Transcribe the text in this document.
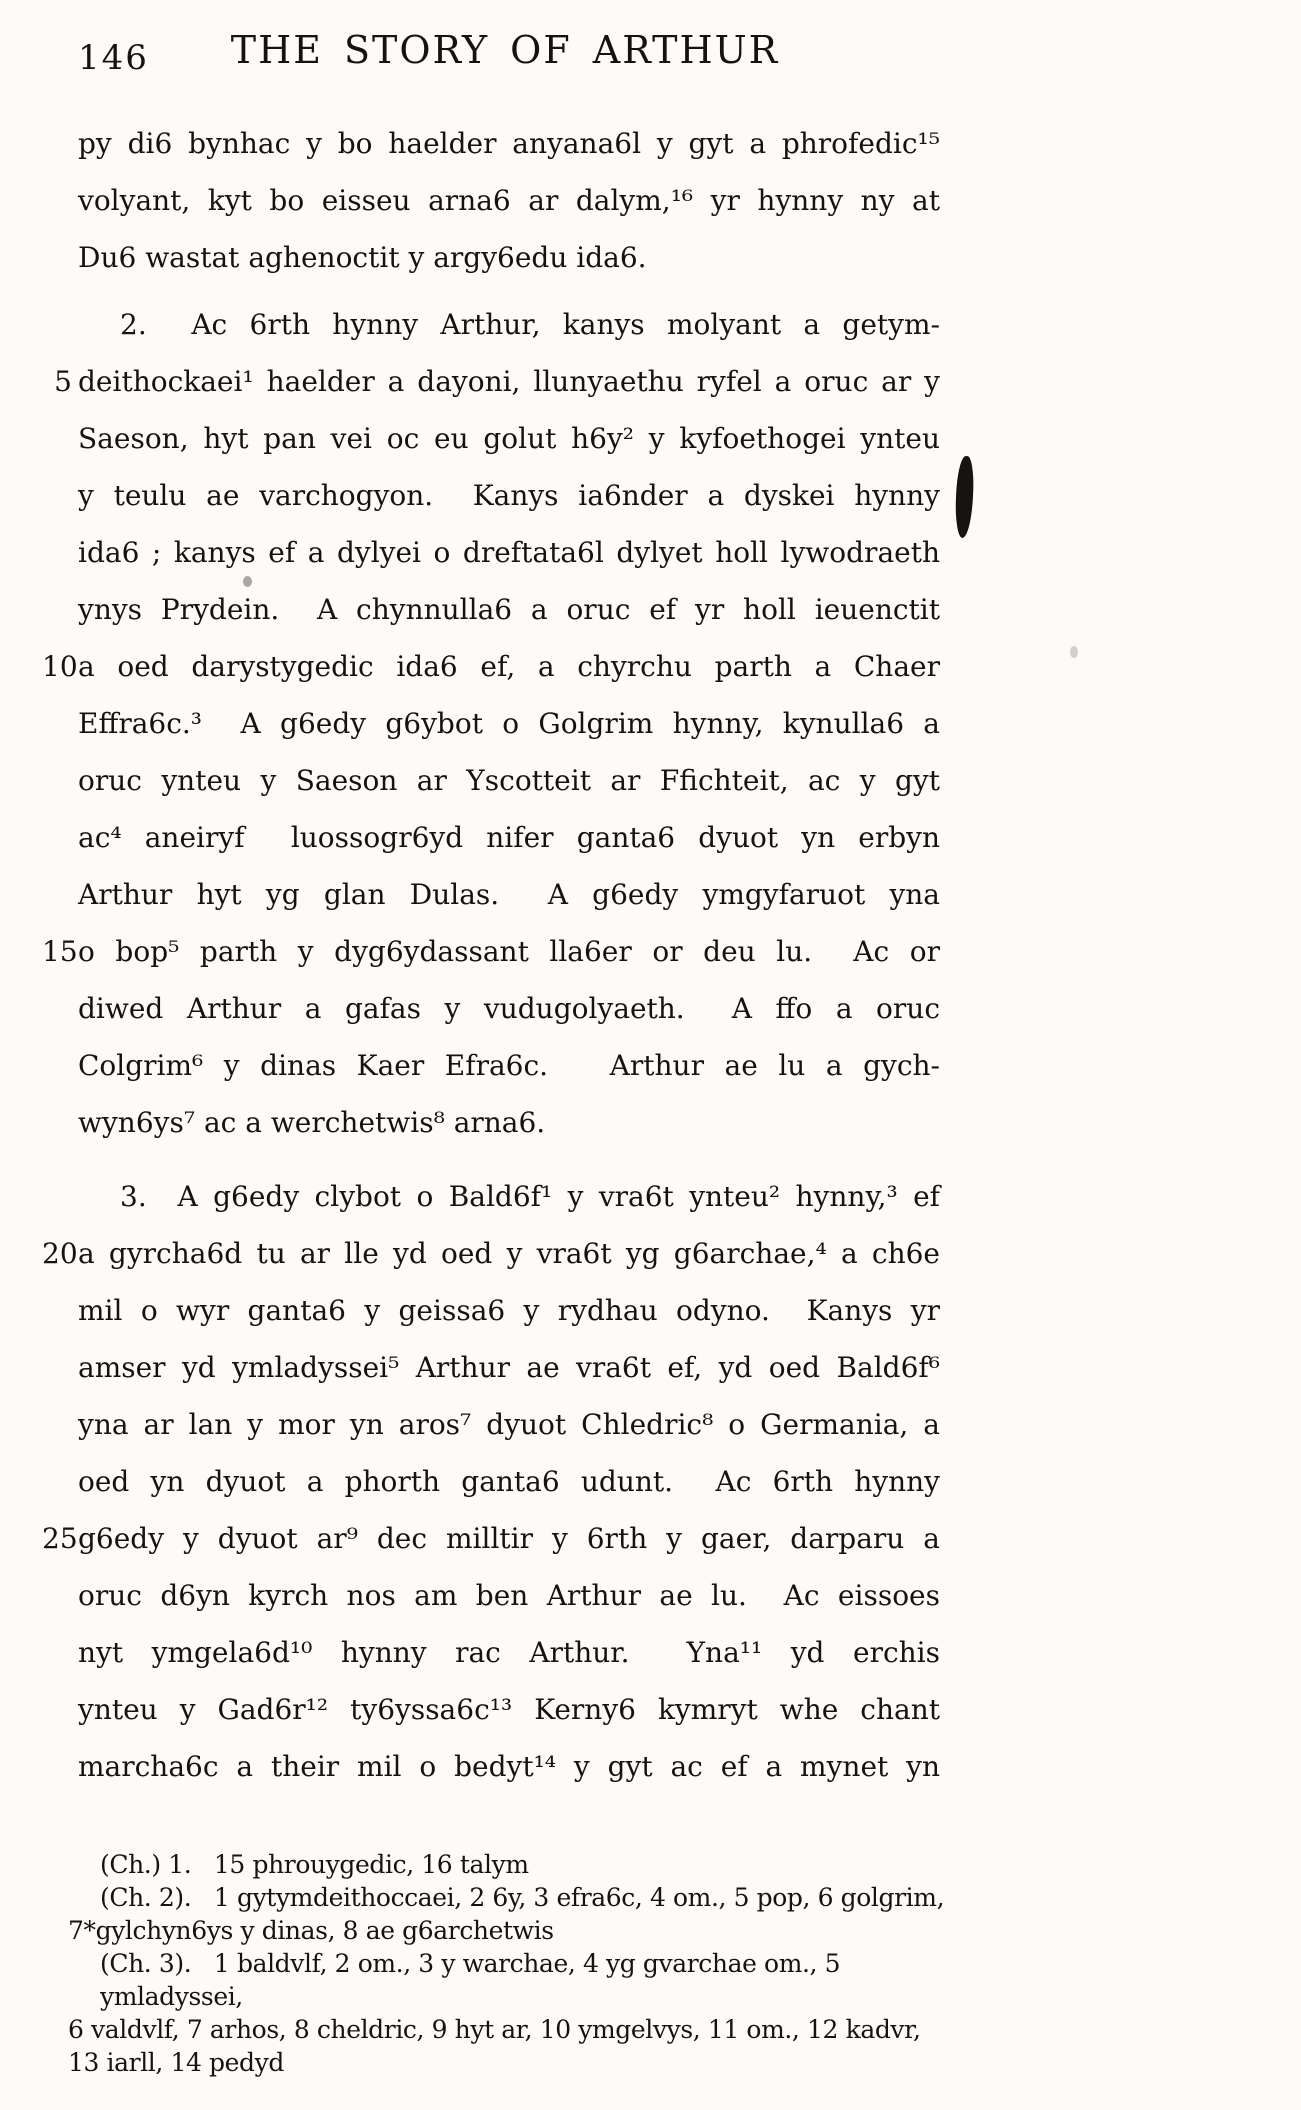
146	THE STORY OF ARTHUR
py di6 bynhac y bo haelder anyana6l y gyt a phrofedic¹⁵
volyant, kyt bo eisseu arna6 ar dalym,¹⁶ yr hynny ny at
Du6 wastat aghenoctit y argy6edu ida6.
2.  Ac 6rth hynny Arthur, kanys molyant a getym-
5 deithockaei¹ haelder a dayoni, llunyaethu ryfel a oruc ar y
Saeson, hyt pan vei oc eu golut h6y² y kyfoethogei ynteu
y teulu ae varchogyon.  Kanys ia6nder a dyskei hynny
ida6 ; kanys ef a dylyei o dreftata6l dylyet holl lywodraeth
ynys Prydein.  A chynnulla6 a oruc ef yr holl ieuenctit
10 a oed darystygedic ida6 ef, a chyrchu parth a Chaer
Effra6c.³  A g6edy g6ybot o Golgrim hynny, kynulla6 a
oruc ynteu y Saeson ar Yscotteit ar Ffichteit, ac y gyt
ac⁴ aneiryf  luossogr6yd nifer ganta6 dyuot yn erbyn
Arthur hyt yg glan Dulas.  A g6edy ymgyfaruot yna
15 o bop⁵ parth y dyg6ydassant lla6er or deu lu.  Ac or
diwed Arthur a gafas y vudugolyaeth.  A ffo a oruc
Colgrim⁶ y dinas Kaer Efra6c.   Arthur ae lu a gych-
wyn6ys⁷ ac a werchetwis⁸ arna6.
3.  A g6edy clybot o Bald6f¹ y vra6t ynteu² hynny,³ ef
20 a gyrcha6d tu ar lle yd oed y vra6t yg g6archae,⁴ a ch6e
mil o wyr ganta6 y geissa6 y rydhau odyno.  Kanys yr
amser yd ymladyssei⁵ Arthur ae vra6t ef, yd oed Bald6f⁶
yna ar lan y mor yn aros⁷ dyuot Chledric⁸ o Germania, a
oed yn dyuot a phorth ganta6 udunt.  Ac 6rth hynny
25 g6edy y dyuot ar⁹ dec milltir y 6rth y gaer, darparu a
oruc d6yn kyrch nos am ben Arthur ae lu.  Ac eissoes
nyt ymgela6d¹⁰ hynny rac Arthur.  Yna¹¹ yd erchis
ynteu y Gad6r¹² ty6yssa6c¹³ Kerny6 kymryt whe chant
marcha6c a their mil o bedyt¹⁴ y gyt ac ef a mynet yn
(Ch.) 1.   15 phrouygedic, 16 talym
(Ch. 2).   1 gytymdeithoccaei, 2 6y, 3 efra6c, 4 om., 5 pop, 6 golgrim,
7*gylchyn6ys y dinas, 8 ae g6archetwis
(Ch. 3).   1 baldvlf, 2 om., 3 y warchae, 4 yg gvarchae om., 5 ymladyssei,
6 valdvlf, 7 arhos, 8 cheldric, 9 hyt ar, 10 ymgelvys, 11 om., 12 kadvr,
13 iarll, 14 pedyd
